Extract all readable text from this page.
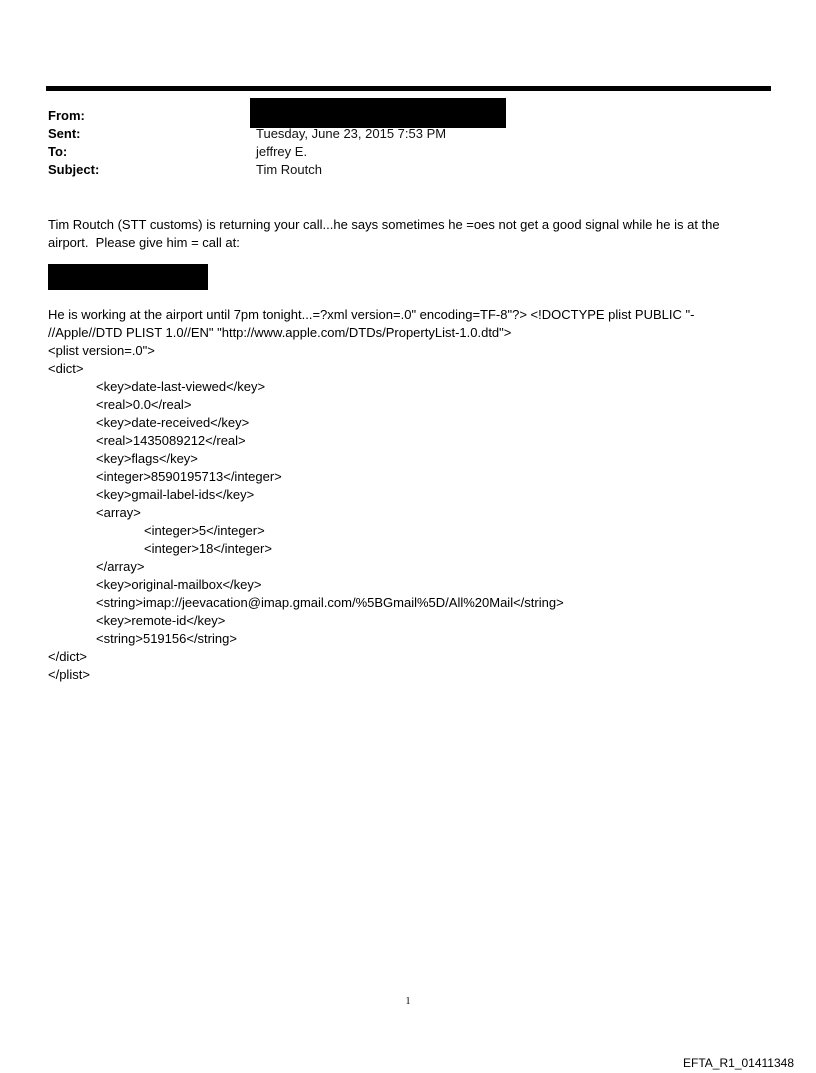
From:
Sent:
To:
Subject:
Tuesday, June 23, 2015 7:53 PM
jeffrey E.
Tim Routch
Tim Routch (STT customs) is returning your call...he says sometimes he =oes not get a good signal while he is at the
airport.  Please give him = call at:
He is working at the airport until 7pm tonight...=?xml version=.0" encoding=TF-8"?> <!DOCTYPE plist PUBLIC "-
//Apple//DTD PLIST 1.0//EN" "http://www.apple.com/DTDs/PropertyList-1.0.dtd">
<plist version=.0">
<dict>
<key>date-last-viewed</key>
<real>0.0</real>
<key>date-received</key>
<real>1435089212</real>
<key>flags</key>
<integer>8590195713</integer>
<key>gmail-label-ids</key>
<array>
<integer>5</integer>
<integer>18</integer>
</array>
<key>original-mailbox</key>
<string>imap://jeevacation@imap.gmail.com/%5BGmail%5D/All%20Mail</string>
<key>remote-id</key>
<string>519156</string>
</dict>
</plist>
1
EFTA_R1_01411348
